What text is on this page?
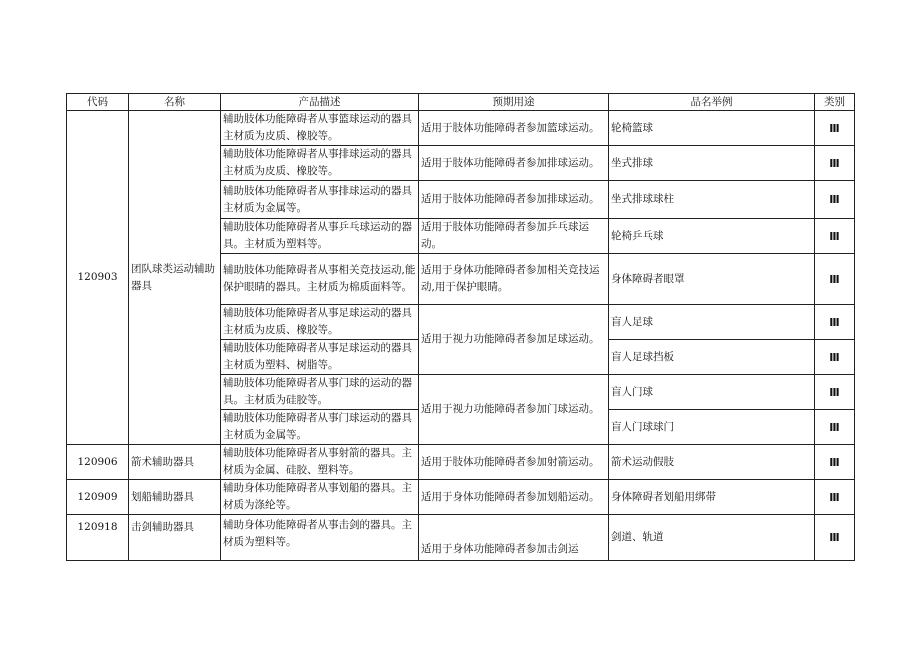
代码	名称	产品描述	预期用途	品名举例	类别
120903	团队球类运动辅助器具	辅助肢体功能障碍者从事篮球运动的器具主材质为皮质、橡胶等。	适用于肢体功能障碍者参加篮球运动。	轮椅篮球	Ⅲ
		辅助肢体功能障碍者从事排球运动的器具主材质为皮质、橡胶等。	适用于肢体功能障碍者参加排球运动。	坐式排球	Ⅲ
		辅助肢体功能障碍者从事排球运动的器具主材质为金属等。	适用于肢体功能障碍者参加排球运动。	坐式排球球柱	Ⅲ
		辅助肢体功能障碍者从事乒乓球运动的器具。主材质为塑料等。	适用于肢体功能障碍者参加乒乓球运动。	轮椅乒乓球	Ⅲ
		辅助肢体功能障碍者从事相关竞技运动,能保护眼睛的器具。主材质为棉质面料等。	适用于身体功能障碍者参加相关竞技运动,用于保护眼睛。	身体障碍者眼罩	Ⅲ
		辅助肢体功能障碍者从事足球运动的器具主材质为皮质、橡胶等。	适用于视力功能障碍者参加足球运动。	盲人足球	Ⅲ
		辅助肢体功能障碍者从事足球运动的器具主材质为塑料、树脂等。		盲人足球挡板	Ⅲ
		辅助肢体功能障碍者从事门球的运动的器具。主材质为硅胶等。	适用于视力功能障碍者参加门球运动。	盲人门球	Ⅲ
		辅助肢体功能障碍者从事门球运动的器具主材质为金属等。		盲人门球球门	Ⅲ
120906	箭术辅助器具	辅助肢体功能障碍者从事射箭的器具。主材质为金属、硅胶、塑料等。	适用于肢体功能障碍者参加射箭运动。	箭术运动假肢	Ⅲ
120909	划船辅助器具	辅助身体功能障碍者从事划船的器具。主材质为涤纶等。	适用于身体功能障碍者参加划船运动。	身体障碍者划船用绑带	Ⅲ
120918	击剑辅助器具	辅助身体功能障碍者从事击剑的器具。主材质为塑料等。	适用于身体功能障碍者参加击剑运	剑道、轨道	Ⅲ
